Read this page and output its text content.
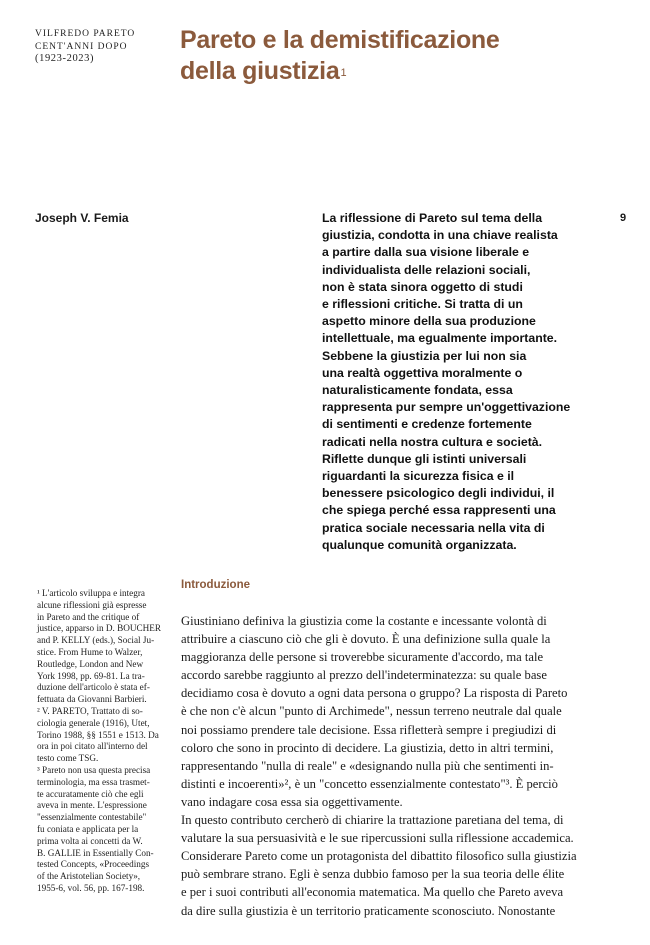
VILFREDO PARETO
CENT'ANNI DOPO
(1923-2023)
Pareto e la demistificazione
della giustizia$^1$
Joseph V. Femia	9
La riflessione di Pareto sul tema della
giustizia, condotta in una chiave realista
a partire dalla sua visione liberale e
individualista delle relazioni sociali,
non è stata sinora oggetto di studi
e riflessioni critiche. Si tratta di un
aspetto minore della sua produzione
intellettuale, ma egualmente importante.
Sebbene la giustizia per lui non sia
una realtà oggettiva moralmente o
naturalisticamente fondata, essa
rappresenta pur sempre un'oggettivazione
di sentimenti e credenze fortemente
radicati nella nostra cultura e società.
Riflette dunque gli istinti universali
riguardanti la sicurezza fisica e il
benessere psicologico degli individui, il
che spiega perché essa rappresenti una
pratica sociale necessaria nella vita di
qualunque comunità organizzata.
Introduzione
¹ L'articolo sviluppa e integra
alcune riflessioni già espresse
in Pareto and the critique of
justice, apparso in D. BOUCHER
and P. KELLY (eds.), Social Ju-
stice. From Hume to Walzer,
Routledge, London and New
York 1998, pp. 69-81. La tra-
duzione dell'articolo è stata ef-
fettuata da Giovanni Barbieri.
² V. PARETO, Trattato di so-
ciologia generale (1916), Utet,
Torino 1988, §§ 1551 e 1513. Da
ora in poi citato all'interno del
testo come TSG.
³ Pareto non usa questa precisa
terminologia, ma essa trasmet-
te accuratamente ciò che egli
aveva in mente. L'espressione
"essenzialmente contestabile"
fu coniata e applicata per la
prima volta ai concetti da W.
B. GALLIE in Essentially Con-
tested Concepts, «Proceedings
of the Aristotelian Society»,
1955-6, vol. 56, pp. 167-198.
Giustiniano definiva la giustizia come la costante e incessante volontà di
attribuire a ciascuno ciò che gli è dovuto. È una definizione sulla quale la
maggioranza delle persone si troverebbe sicuramente d'accordo, ma tale
accordo sarebbe raggiunto al prezzo dell'indeterminatezza: su quale base
decidiamo cosa è dovuto a ogni data persona o gruppo? La risposta di Pareto
è che non c'è alcun "punto di Archimede", nessun terreno neutrale dal quale
noi possiamo prendere tale decisione. Essa rifletterà sempre i pregiudizi di
coloro che sono in procinto di decidere. La giustizia, detto in altri termini,
rappresentando "nulla di reale" e «designando nulla più che sentimenti in-
distinti e incoerenti»², è un "concetto essenzialmente contestato"³. È perciò
vano indagare cosa essa sia oggettivamente.
In questo contributo cercherò di chiarire la trattazione paretiana del tema, di
valutare la sua persuasività e le sue ripercussioni sulla riflessione accademica.
Considerare Pareto come un protagonista del dibattito filosofico sulla giustizia
può sembrare strano. Egli è senza dubbio famoso per la sua teoria delle élite
e per i suoi contributi all'economia matematica. Ma quello che Pareto aveva
da dire sulla giustizia è un territorio praticamente sconosciuto. Nonostante
